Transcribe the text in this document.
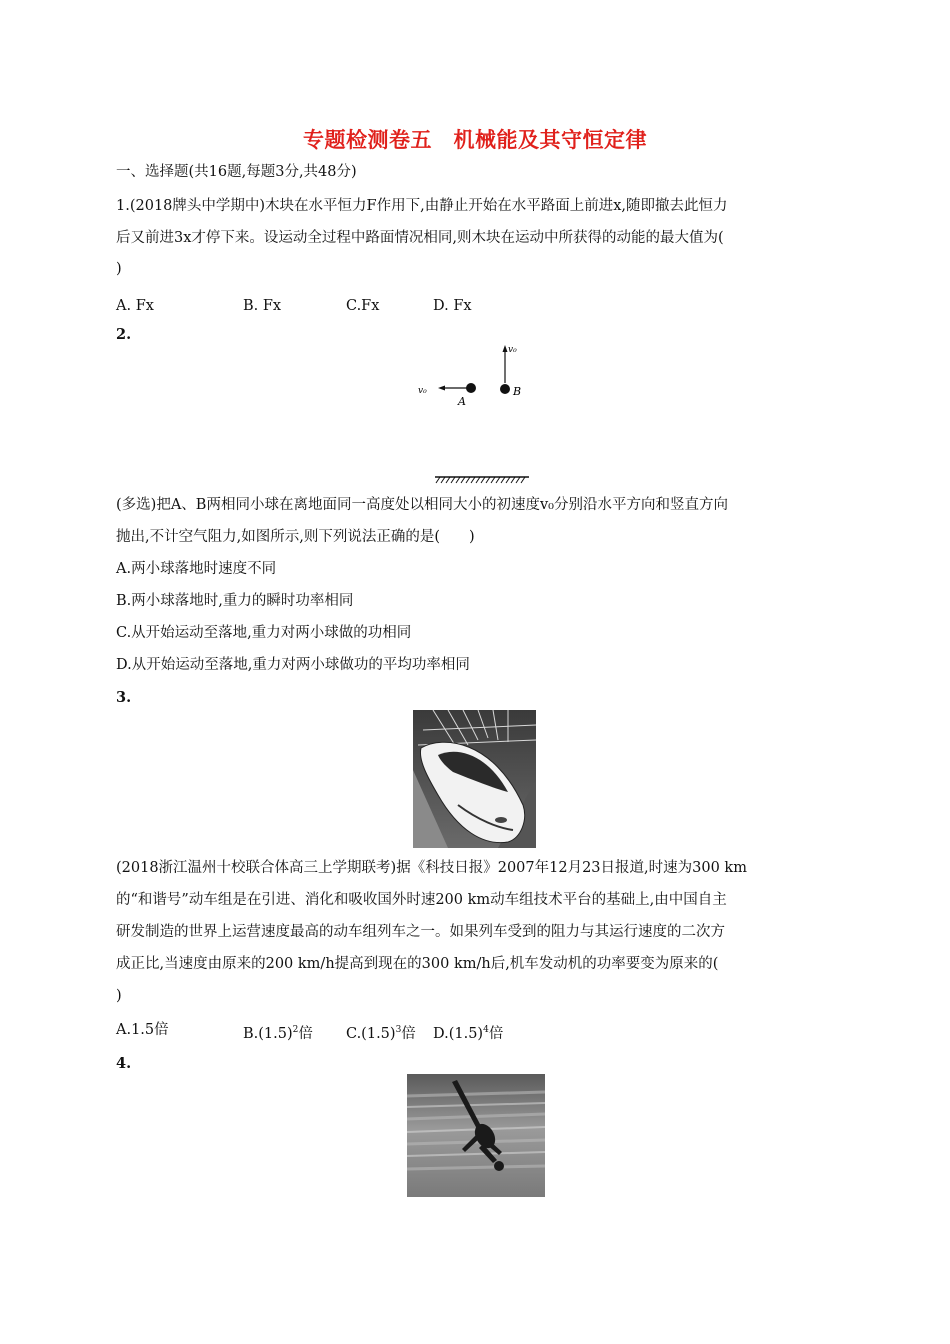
专题检测卷五　机械能及其守恒定律
一、选择题(共16题,每题3分,共48分)
1.(2018牌头中学期中)木块在水平恒力F作用下,由静止开始在水平路面上前进x,随即撤去此恒力
后又前进3x才停下来。设运动全过程中路面情况相同,则木块在运动中所获得的动能的最大值为(
)
A. Fx	B. Fx	C.Fx	D. Fx
2.
v₀
A
v₀
B
(多选)把A、B两相同小球在离地面同一高度处以相同大小的初速度v₀分别沿水平方向和竖直方向
抛出,不计空气阻力,如图所示,则下列说法正确的是(　　)
A.两小球落地时速度不同
B.两小球落地时,重力的瞬时功率相同
C.从开始运动至落地,重力对两小球做的功相同
D.从开始运动至落地,重力对两小球做功的平均功率相同
3.
(2018浙江温州十校联合体高三上学期联考)据《科技日报》2007年12月23日报道,时速为300 km
的“和谐号”动车组是在引进、消化和吸收国外时速200 km动车组技术平台的基础上,由中国自主
研发制造的世界上运营速度最高的动车组列车之一。如果列车受到的阻力与其运行速度的二次方
成正比,当速度由原来的200 km/h提高到现在的300 km/h后,机车发动机的功率要变为原来的(
)
A.1.5倍	$B.(1.5)^2$倍 $C.(1.5)^3$倍 $D.(1.5)^4$倍
4.
